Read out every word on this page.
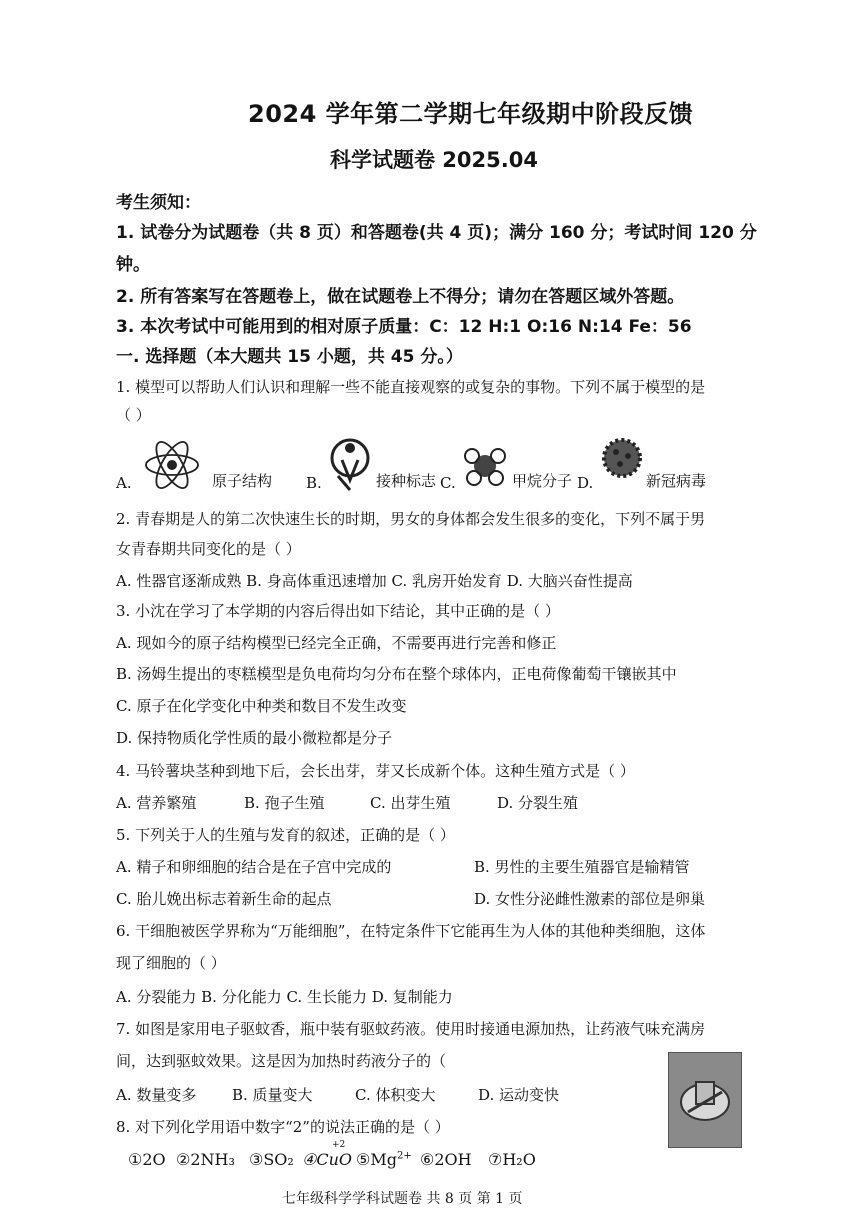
2024 学年第二学期七年级期中阶段反馈
科学试题卷 2025.04
考生须知：
1. 试卷分为试题卷（共 8 页）和答题卷(共 4 页)；满分 160 分；考试时间 120 分
钟。
2. 所有答案写在答题卷上，做在试题卷上不得分；请勿在答题区域外答题。
3. 本次考试中可能用到的相对原子质量：C：12 H:1 O:16 N:14 Fe：56
一. 选择题（本大题共 15 小题，共 45 分。）
1. 模型可以帮助人们认识和理解一些不能直接观察的或复杂的事物。下列不属于模型的是
（ ）
A.	原子结构 B.	接种标志 C.	甲烷分子 D.	新冠病毒
2. 青春期是人的第二次快速生长的时期，男女的身体都会发生很多的变化，下列不属于男
女青春期共同变化的是（ ）
A. 性器官逐渐成熟 B. 身高体重迅速增加 C. 乳房开始发育 D. 大脑兴奋性提高
3. 小沈在学习了本学期的内容后得出如下结论，其中正确的是（ ）
A. 现如今的原子结构模型已经完全正确，不需要再进行完善和修正
B. 汤姆生提出的枣糕模型是负电荷均匀分布在整个球体内，正电荷像葡萄干镶嵌其中
C. 原子在化学变化中种类和数目不发生改变
D. 保持物质化学性质的最小微粒都是分子
4. 马铃薯块茎种到地下后，会长出芽，芽又长成新个体。这种生殖方式是（ ）
A. 营养繁殖	B. 孢子生殖	C. 出芽生殖	D. 分裂生殖
5. 下列关于人的生殖与发育的叙述，正确的是（ ）
A. 精子和卵细胞的结合是在子宫中完成的	B. 男性的主要生殖器官是输精管
C. 胎儿娩出标志着新生命的起点	D. 女性分泌雌性激素的部位是卵巢
6. 干细胞被医学界称为“万能细胞”，在特定条件下它能再生为人体的其他种类细胞，这体
现了细胞的（ ）
A. 分裂能力 B. 分化能力 C. 生长能力 D. 复制能力
7. 如图是家用电子驱蚊香，瓶中装有驱蚊药液。使用时接通电源加热，让药液气味充满房
间，达到驱蚊效果。这是因为加热时药液分子的（
A. 数量变多 B. 质量变大	C. 体积变大	D. 运动变快
8. 对下列化学用语中数字“2”的说法正确的是（ ）
①2O ②2NH₃ ③SO₂ ④CuO
+2
$⑤Mg^{2+}$ ⑥2OH ⑦H₂O
七年级科学学科试题卷 共 8 页 第 1 页
